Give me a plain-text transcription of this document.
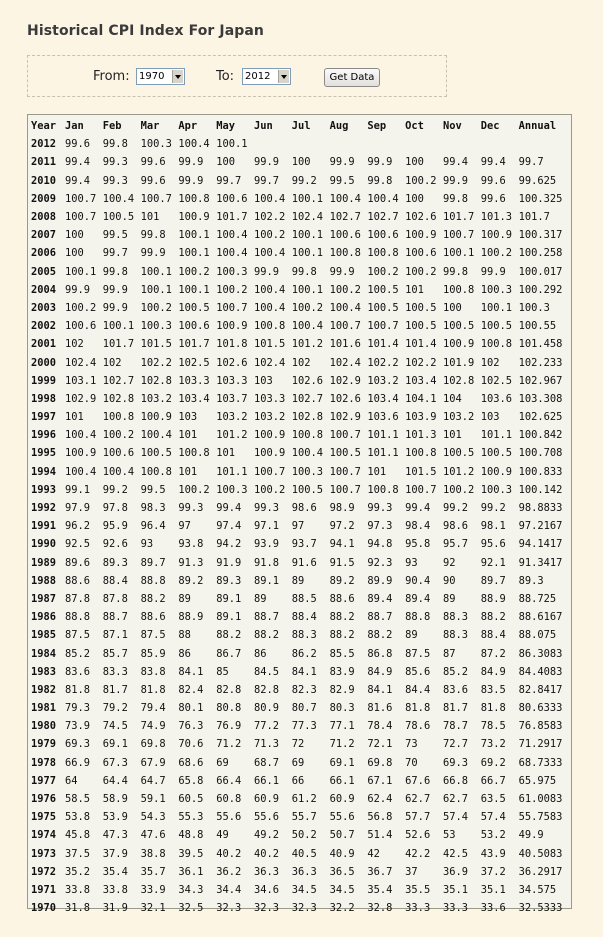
Historical CPI Index For Japan
From: 1970	To:	2012	Get Data
Year	Jan	Feb	Mar	Apr	May	Jun	Jul	Aug	Sep	Oct	Nov	Dec	Annual
2012	99.6	99.8	100.3	100.4	100.1								
2011	99.4	99.3	99.6	99.9	100	99.9	100	99.9	99.9	100	99.4	99.4	99.7
2010	99.4	99.3	99.6	99.9	99.7	99.7	99.2	99.5	99.8	100.2	99.9	99.6	99.625
2009	100.7	100.4	100.7	100.8	100.6	100.4	100.1	100.4	100.4	100	99.8	99.6	100.325
2008	100.7	100.5	101	100.9	101.7	102.2	102.4	102.7	102.7	102.6	101.7	101.3	101.7
2007	100	99.5	99.8	100.1	100.4	100.2	100.1	100.6	100.6	100.9	100.7	100.9	100.317
2006	100	99.7	99.9	100.1	100.4	100.4	100.1	100.8	100.8	100.6	100.1	100.2	100.258
2005	100.1	99.8	100.1	100.2	100.3	99.9	99.8	99.9	100.2	100.2	99.8	99.9	100.017
2004	99.9	99.9	100.1	100.1	100.2	100.4	100.1	100.2	100.5	101	100.8	100.3	100.292
2003	100.2	99.9	100.2	100.5	100.7	100.4	100.2	100.4	100.5	100.5	100	100.1	100.3
2002	100.6	100.1	100.3	100.6	100.9	100.8	100.4	100.7	100.7	100.5	100.5	100.5	100.55
2001	102	101.7	101.5	101.7	101.8	101.5	101.2	101.6	101.4	101.4	100.9	100.8	101.458
2000	102.4	102	102.2	102.5	102.6	102.4	102	102.4	102.2	102.2	101.9	102	102.233
1999	103.1	102.7	102.8	103.3	103.3	103	102.6	102.9	103.2	103.4	102.8	102.5	102.967
1998	102.9	102.8	103.2	103.4	103.7	103.3	102.7	102.6	103.4	104.1	104	103.6	103.308
1997	101	100.8	100.9	103	103.2	103.2	102.8	102.9	103.6	103.9	103.2	103	102.625
1996	100.4	100.2	100.4	101	101.2	100.9	100.8	100.7	101.1	101.3	101	101.1	100.842
1995	100.9	100.6	100.5	100.8	101	100.9	100.4	100.5	101.1	100.8	100.5	100.5	100.708
1994	100.4	100.4	100.8	101	101.1	100.7	100.3	100.7	101	101.5	101.2	100.9	100.833
1993	99.1	99.2	99.5	100.2	100.3	100.2	100.5	100.7	100.8	100.7	100.2	100.3	100.142
1992	97.9	97.8	98.3	99.3	99.4	99.3	98.6	98.9	99.3	99.4	99.2	99.2	98.8833
1991	96.2	95.9	96.4	97	97.4	97.1	97	97.2	97.3	98.4	98.6	98.1	97.2167
1990	92.5	92.6	93	93.8	94.2	93.9	93.7	94.1	94.8	95.8	95.7	95.6	94.1417
1989	89.6	89.3	89.7	91.3	91.9	91.8	91.6	91.5	92.3	93	92	92.1	91.3417
1988	88.6	88.4	88.8	89.2	89.3	89.1	89	89.2	89.9	90.4	90	89.7	89.3
1987	87.8	87.8	88.2	89	89.1	89	88.5	88.6	89.4	89.4	89	88.9	88.725
1986	88.8	88.7	88.6	88.9	89.1	88.7	88.4	88.2	88.7	88.8	88.3	88.2	88.6167
1985	87.5	87.1	87.5	88	88.2	88.2	88.3	88.2	88.2	89	88.3	88.4	88.075
1984	85.2	85.7	85.9	86	86.7	86	86.2	85.5	86.8	87.5	87	87.2	86.3083
1983	83.6	83.3	83.8	84.1	85	84.5	84.1	83.9	84.9	85.6	85.2	84.9	84.4083
1982	81.8	81.7	81.8	82.4	82.8	82.8	82.3	82.9	84.1	84.4	83.6	83.5	82.8417
1981	79.3	79.2	79.4	80.1	80.8	80.9	80.7	80.3	81.6	81.8	81.7	81.8	80.6333
1980	73.9	74.5	74.9	76.3	76.9	77.2	77.3	77.1	78.4	78.6	78.7	78.5	76.8583
1979	69.3	69.1	69.8	70.6	71.2	71.3	72	71.2	72.1	73	72.7	73.2	71.2917
1978	66.9	67.3	67.9	68.6	69	68.7	69	69.1	69.8	70	69.3	69.2	68.7333
1977	64	64.4	64.7	65.8	66.4	66.1	66	66.1	67.1	67.6	66.8	66.7	65.975
1976	58.5	58.9	59.1	60.5	60.8	60.9	61.2	60.9	62.4	62.7	62.7	63.5	61.0083
1975	53.8	53.9	54.3	55.3	55.6	55.6	55.7	55.6	56.8	57.7	57.4	57.4	55.7583
1974	45.8	47.3	47.6	48.8	49	49.2	50.2	50.7	51.4	52.6	53	53.2	49.9
1973	37.5	37.9	38.8	39.5	40.2	40.2	40.5	40.9	42	42.2	42.5	43.9	40.5083
1972	35.2	35.4	35.7	36.1	36.2	36.3	36.3	36.5	36.7	37	36.9	37.2	36.2917
1971	33.8	33.8	33.9	34.3	34.4	34.6	34.5	34.5	35.4	35.5	35.1	35.1	34.575
1970	31.8	31.9	32.1	32.5	32.3	32.3	32.3	32.2	32.8	33.3	33.3	33.6	32.5333
